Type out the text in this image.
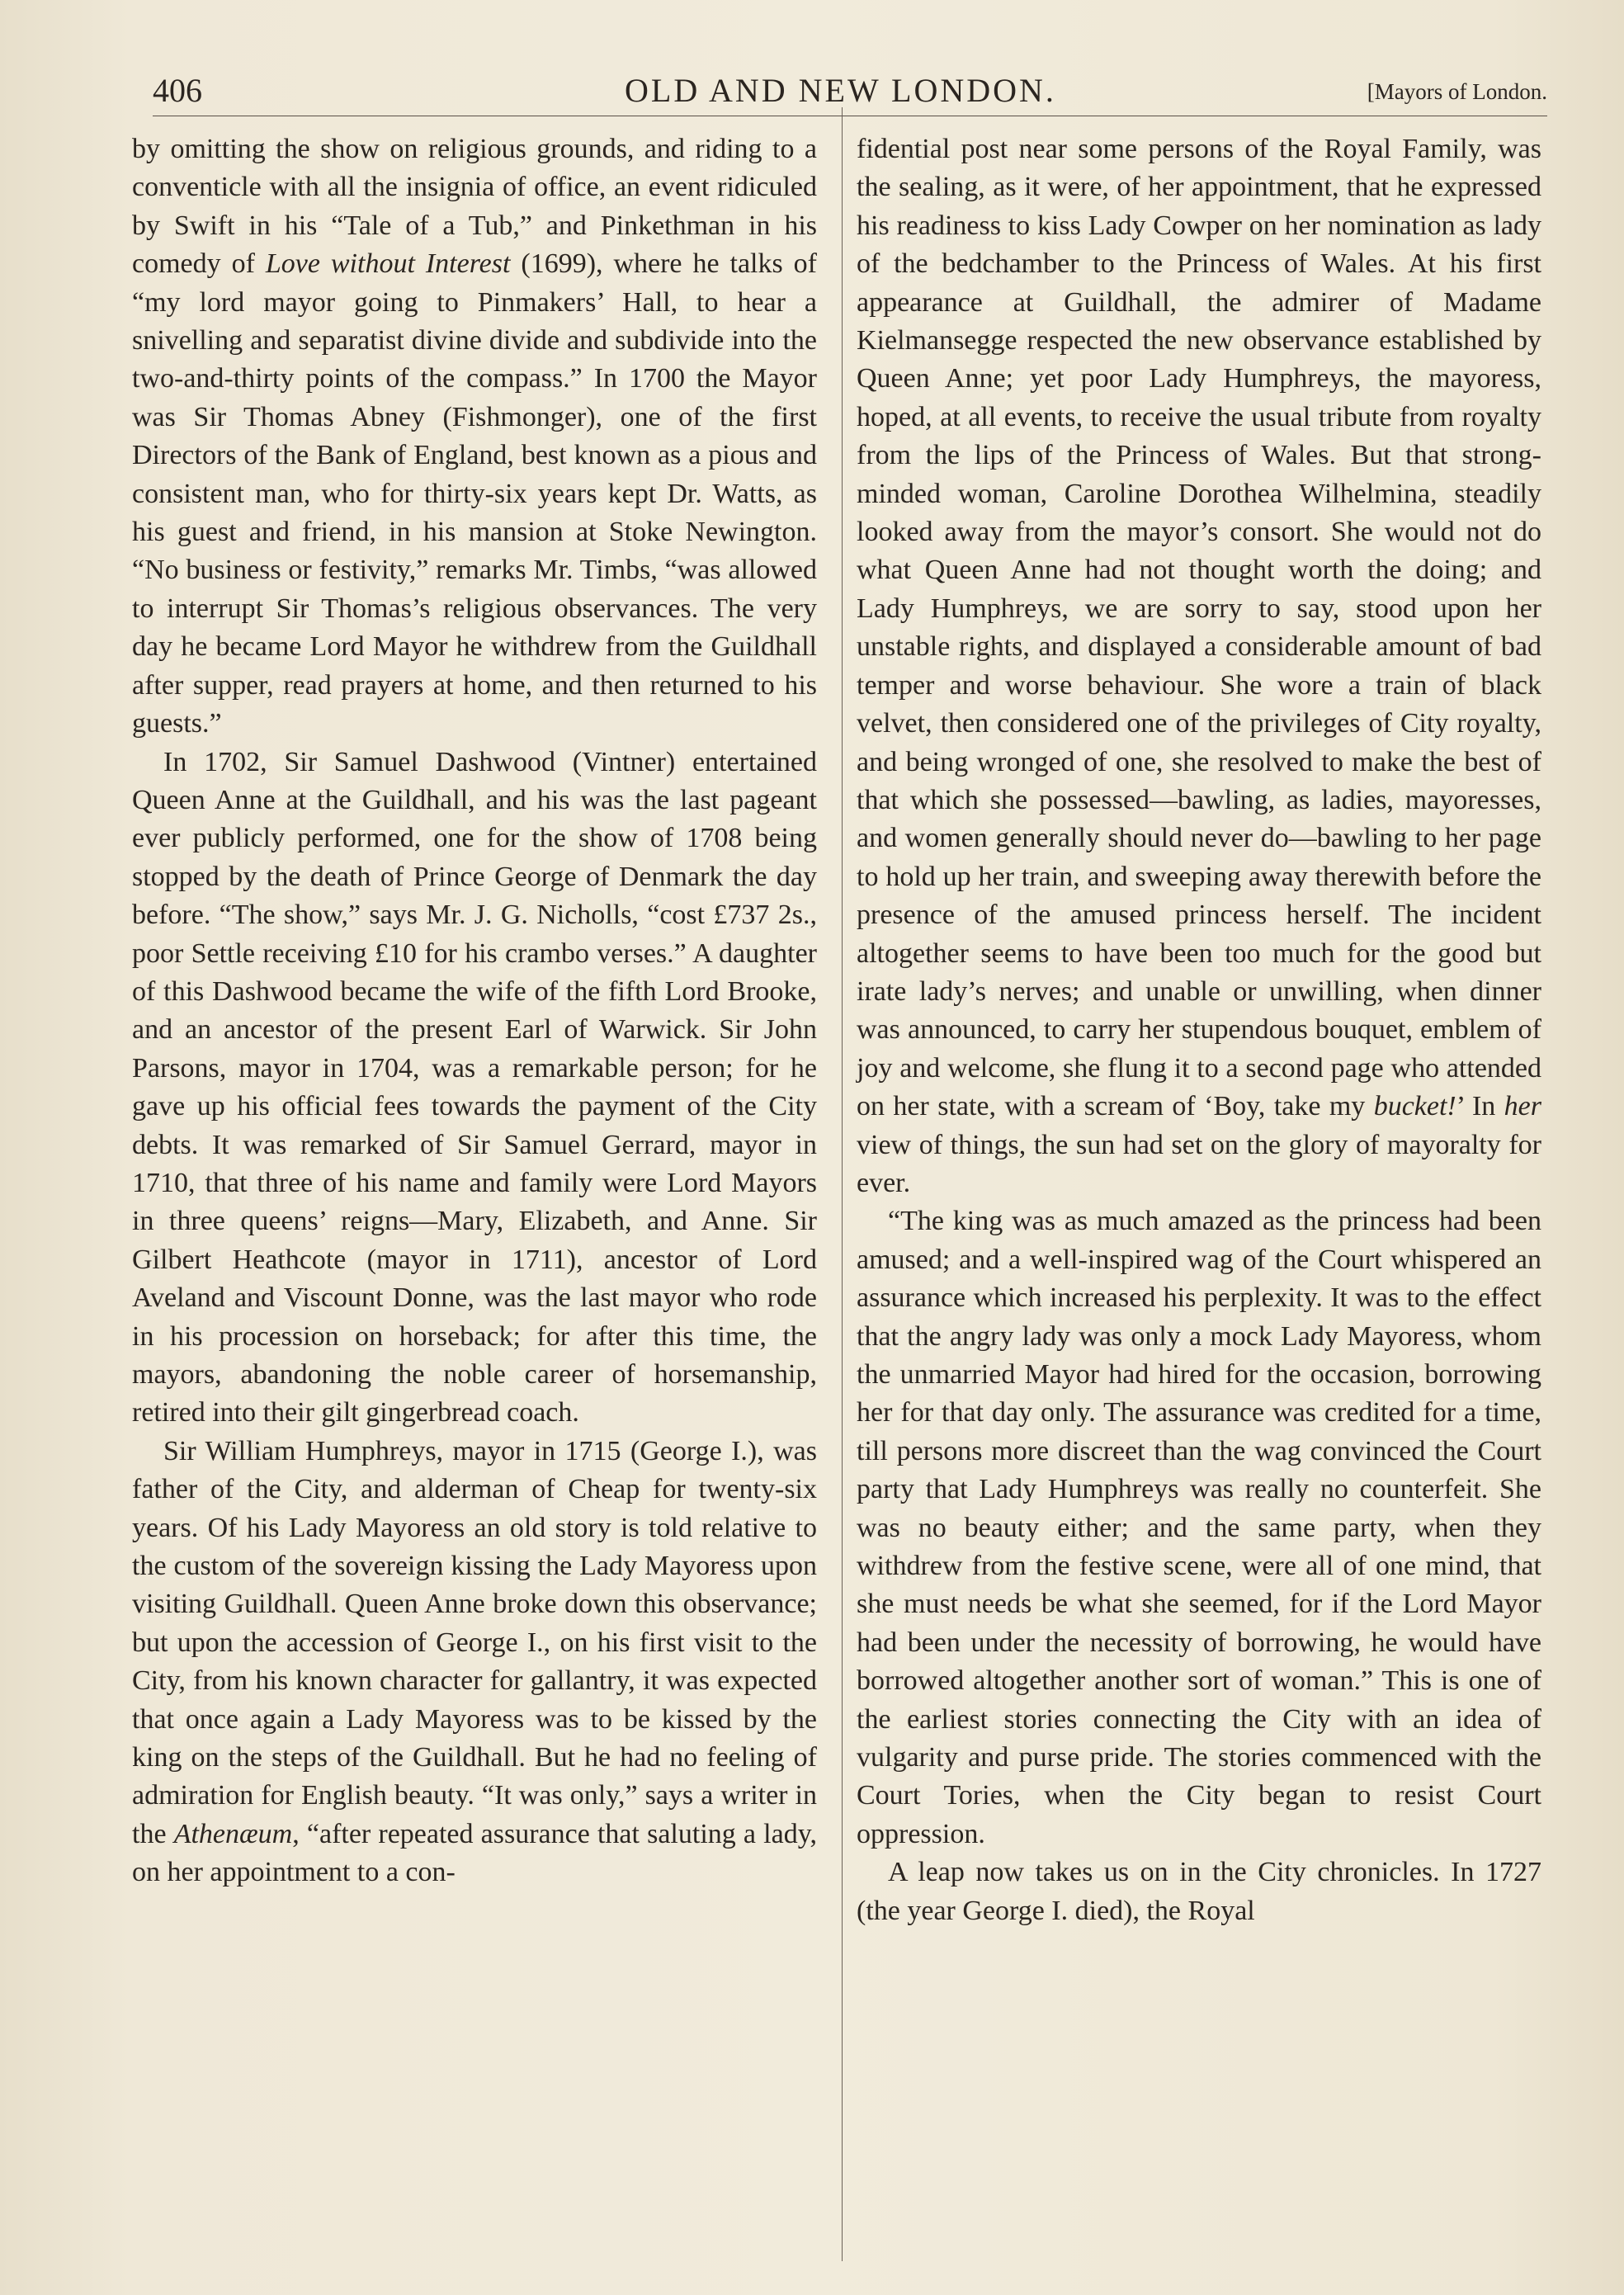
406	OLD AND NEW LONDON.	[Mayors of London.

by omitting the show on religious grounds, and riding to a conventicle with all the insignia of office, an event ridiculed by Swift in his “Tale of a Tub,” and Pinkethman in his comedy of Love without Interest (1699), where he talks of “my lord mayor going to Pinmakers’ Hall, to hear a snivelling and separatist divine divide and subdivide into the two-and-thirty points of the compass.” In 1700 the Mayor was Sir Thomas Abney (Fishmonger), one of the first Directors of the Bank of England, best known as a pious and consistent man, who for thirty-six years kept Dr. Watts, as his guest and friend, in his mansion at Stoke Newington. “No business or festivity,” remarks Mr. Timbs, “was allowed to interrupt Sir Thomas’s religious observances. The very day he became Lord Mayor he withdrew from the Guildhall after supper, read prayers at home, and then returned to his guests.”

In 1702, Sir Samuel Dashwood (Vintner) entertained Queen Anne at the Guildhall, and his was the last pageant ever publicly performed, one for the show of 1708 being stopped by the death of Prince George of Denmark the day before. “The show,” says Mr. J. G. Nicholls, “cost £737 2s., poor Settle receiving £10 for his crambo verses.” A daughter of this Dashwood became the wife of the fifth Lord Brooke, and an ancestor of the present Earl of Warwick. Sir John Parsons, mayor in 1704, was a remarkable person; for he gave up his official fees towards the payment of the City debts. It was remarked of Sir Samuel Gerrard, mayor in 1710, that three of his name and family were Lord Mayors in three queens’ reigns—Mary, Elizabeth, and Anne. Sir Gilbert Heathcote (mayor in 1711), ancestor of Lord Aveland and Viscount Donne, was the last mayor who rode in his procession on horseback; for after this time, the mayors, abandoning the noble career of horsemanship, retired into their gilt gingerbread coach.

Sir William Humphreys, mayor in 1715 (George I.), was father of the City, and alderman of Cheap for twenty-six years. Of his Lady Mayoress an old story is told relative to the custom of the sovereign kissing the Lady Mayoress upon visiting Guildhall. Queen Anne broke down this observance; but upon the accession of George I., on his first visit to the City, from his known character for gallantry, it was expected that once again a Lady Mayoress was to be kissed by the king on the steps of the Guildhall. But he had no feeling of admiration for English beauty. “It was only,” says a writer in the Athenæum, “after repeated assurance that saluting a lady, on her appointment to a con-

fidential post near some persons of the Royal Family, was the sealing, as it were, of her appointment, that he expressed his readiness to kiss Lady Cowper on her nomination as lady of the bedchamber to the Princess of Wales. At his first appearance at Guildhall, the admirer of Madame Kielmansegge respected the new observance established by Queen Anne; yet poor Lady Humphreys, the mayoress, hoped, at all events, to receive the usual tribute from royalty from the lips of the Princess of Wales. But that strong-minded woman, Caroline Dorothea Wilhelmina, steadily looked away from the mayor’s consort. She would not do what Queen Anne had not thought worth the doing; and Lady Humphreys, we are sorry to say, stood upon her unstable rights, and displayed a considerable amount of bad temper and worse behaviour. She wore a train of black velvet, then considered one of the privileges of City royalty, and being wronged of one, she resolved to make the best of that which she possessed—bawling, as ladies, mayoresses, and women generally should never do—bawling to her page to hold up her train, and sweeping away therewith before the presence of the amused princess herself. The incident altogether seems to have been too much for the good but irate lady’s nerves; and unable or unwilling, when dinner was announced, to carry her stupendous bouquet, emblem of joy and welcome, she flung it to a second page who attended on her state, with a scream of ‘Boy, take my bucket!’ In her view of things, the sun had set on the glory of mayoralty for ever.

“The king was as much amazed as the princess had been amused; and a well-inspired wag of the Court whispered an assurance which increased his perplexity. It was to the effect that the angry lady was only a mock Lady Mayoress, whom the unmarried Mayor had hired for the occasion, borrowing her for that day only. The assurance was credited for a time, till persons more discreet than the wag convinced the Court party that Lady Humphreys was really no counterfeit. She was no beauty either; and the same party, when they withdrew from the festive scene, were all of one mind, that she must needs be what she seemed, for if the Lord Mayor had been under the necessity of borrowing, he would have borrowed altogether another sort of woman.” This is one of the earliest stories connecting the City with an idea of vulgarity and purse pride. The stories commenced with the Court Tories, when the City began to resist Court oppression.

A leap now takes us on in the City chronicles. In 1727 (the year George I. died), the Royal
